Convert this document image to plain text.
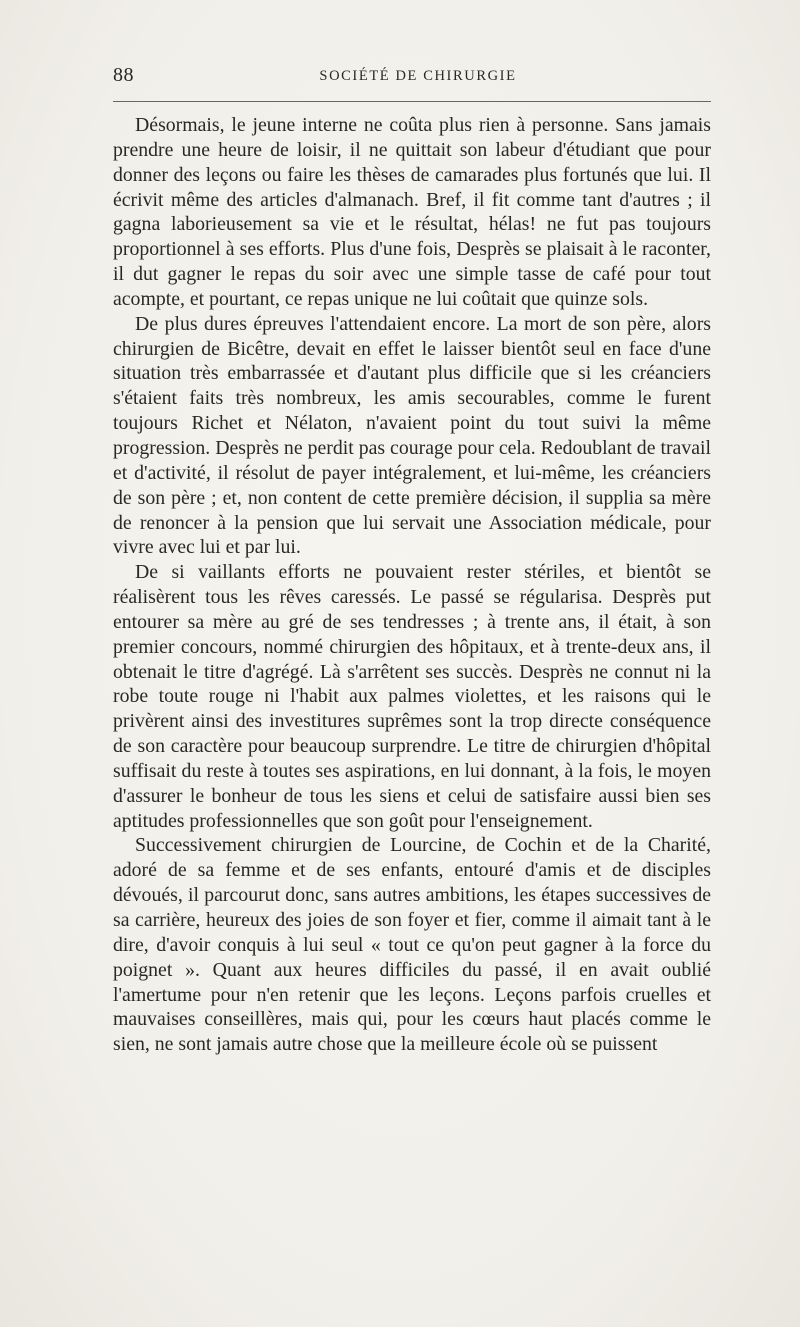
88	SOCIÉTÉ DE CHIRURGIE

Désormais, le jeune interne ne coûta plus rien à personne. Sans jamais prendre une heure de loisir, il ne quittait son labeur d'étudiant que pour donner des leçons ou faire les thèses de camarades plus fortunés que lui. Il écrivit même des articles d'almanach. Bref, il fit comme tant d'autres ; il gagna laborieusement sa vie et le résultat, hélas! ne fut pas toujours proportionnel à ses efforts. Plus d'une fois, Desprès se plaisait à le raconter, il dut gagner le repas du soir avec une simple tasse de café pour tout acompte, et pourtant, ce repas unique ne lui coûtait que quinze sols.

De plus dures épreuves l'attendaient encore. La mort de son père, alors chirurgien de Bicêtre, devait en effet le laisser bientôt seul en face d'une situation très embarrassée et d'autant plus difficile que si les créanciers s'étaient faits très nombreux, les amis secourables, comme le furent toujours Richet et Nélaton, n'avaient point du tout suivi la même progression. Desprès ne perdit pas courage pour cela. Redoublant de travail et d'activité, il résolut de payer intégralement, et lui-même, les créanciers de son père ; et, non content de cette première décision, il supplia sa mère de renoncer à la pension que lui servait une Association médicale, pour vivre avec lui et par lui.

De si vaillants efforts ne pouvaient rester stériles, et bientôt se réalisèrent tous les rêves caressés. Le passé se régularisa. Desprès put entourer sa mère au gré de ses tendresses ; à trente ans, il était, à son premier concours, nommé chirurgien des hôpitaux, et à trente-deux ans, il obtenait le titre d'agrégé. Là s'arrêtent ses succès. Desprès ne connut ni la robe toute rouge ni l'habit aux palmes violettes, et les raisons qui le privèrent ainsi des investitures suprêmes sont la trop directe conséquence de son caractère pour beaucoup surprendre. Le titre de chirurgien d'hôpital suffisait du reste à toutes ses aspirations, en lui donnant, à la fois, le moyen d'assurer le bonheur de tous les siens et celui de satisfaire aussi bien ses aptitudes professionnelles que son goût pour l'enseignement.

Successivement chirurgien de Lourcine, de Cochin et de la Charité, adoré de sa femme et de ses enfants, entouré d'amis et de disciples dévoués, il parcourut donc, sans autres ambitions, les étapes successives de sa carrière, heureux des joies de son foyer et fier, comme il aimait tant à le dire, d'avoir conquis à lui seul « tout ce qu'on peut gagner à la force du poignet ». Quant aux heures difficiles du passé, il en avait oublié l'amertume pour n'en retenir que les leçons. Leçons parfois cruelles et mauvaises conseillères, mais qui, pour les cœurs haut placés comme le sien, ne sont jamais autre chose que la meilleure école où se puissent
